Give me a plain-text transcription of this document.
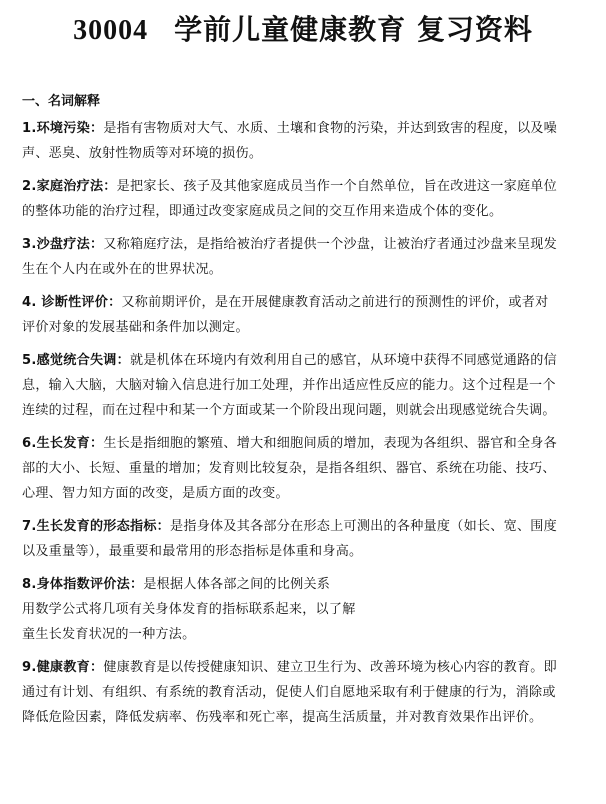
30004 学前儿童健康教育 复习资料
一、名词解释
1.环境污染：是指有害物质对大气、水质、土壤和食物的污染，并达到致害的程度，以及噪
声、恶臭、放射性物质等对环境的损伤。
2.家庭治疗法：是把家长、孩子及其他家庭成员当作一个自然单位，旨在改进这一家庭单位
的整体功能的治疗过程，即通过改变家庭成员之间的交互作用来造成个体的变化。
3.沙盘疗法：又称箱庭疗法，是指给被治疗者提供一个沙盘，让被治疗者通过沙盘来呈现发
生在个人内在或外在的世界状况。
4. 诊断性评价：又称前期评价，是在开展健康教育活动之前进行的预测性的评价，或者对
评价对象的发展基础和条件加以测定。
5.感觉统合失调：就是机体在环境内有效利用自己的感官，从环境中获得不同感觉通路的信
息，输入大脑，大脑对输入信息进行加工处理，并作出适应性反应的能力。这个过程是一个
连续的过程，而在过程中和某一个方面或某一个阶段出现问题，则就会出现感觉统合失调。
6.生长发育：生长是指细胞的繁殖、增大和细胞间质的增加，表现为各组织、器官和全身各
部的大小、长短、重量的增加；发育则比较复杂，是指各组织、器官、系统在功能、技巧、
心理、智力知方面的改变，是质方面的改变。
7.生长发育的形态指标：是指身体及其各部分在形态上可测出的各种量度（如长、宽、围度
以及重量等），最重要和最常用的形态指标是体重和身高。
8.身体指数评价法：是根据人体各部之间的比例关系
用数学公式将几项有关身体发育的指标联系起来，以了解
童生长发育状况的一种方法。
9.健康教育：健康教育是以传授健康知识、建立卫生行为、改善环境为核心内容的教育。即
通过有计划、有组织、有系统的教育活动，促使人们自愿地采取有利于健康的行为，消除或
降低危险因素，降低发病率、伤残率和死亡率，提高生活质量，并对教育效果作出评价。
